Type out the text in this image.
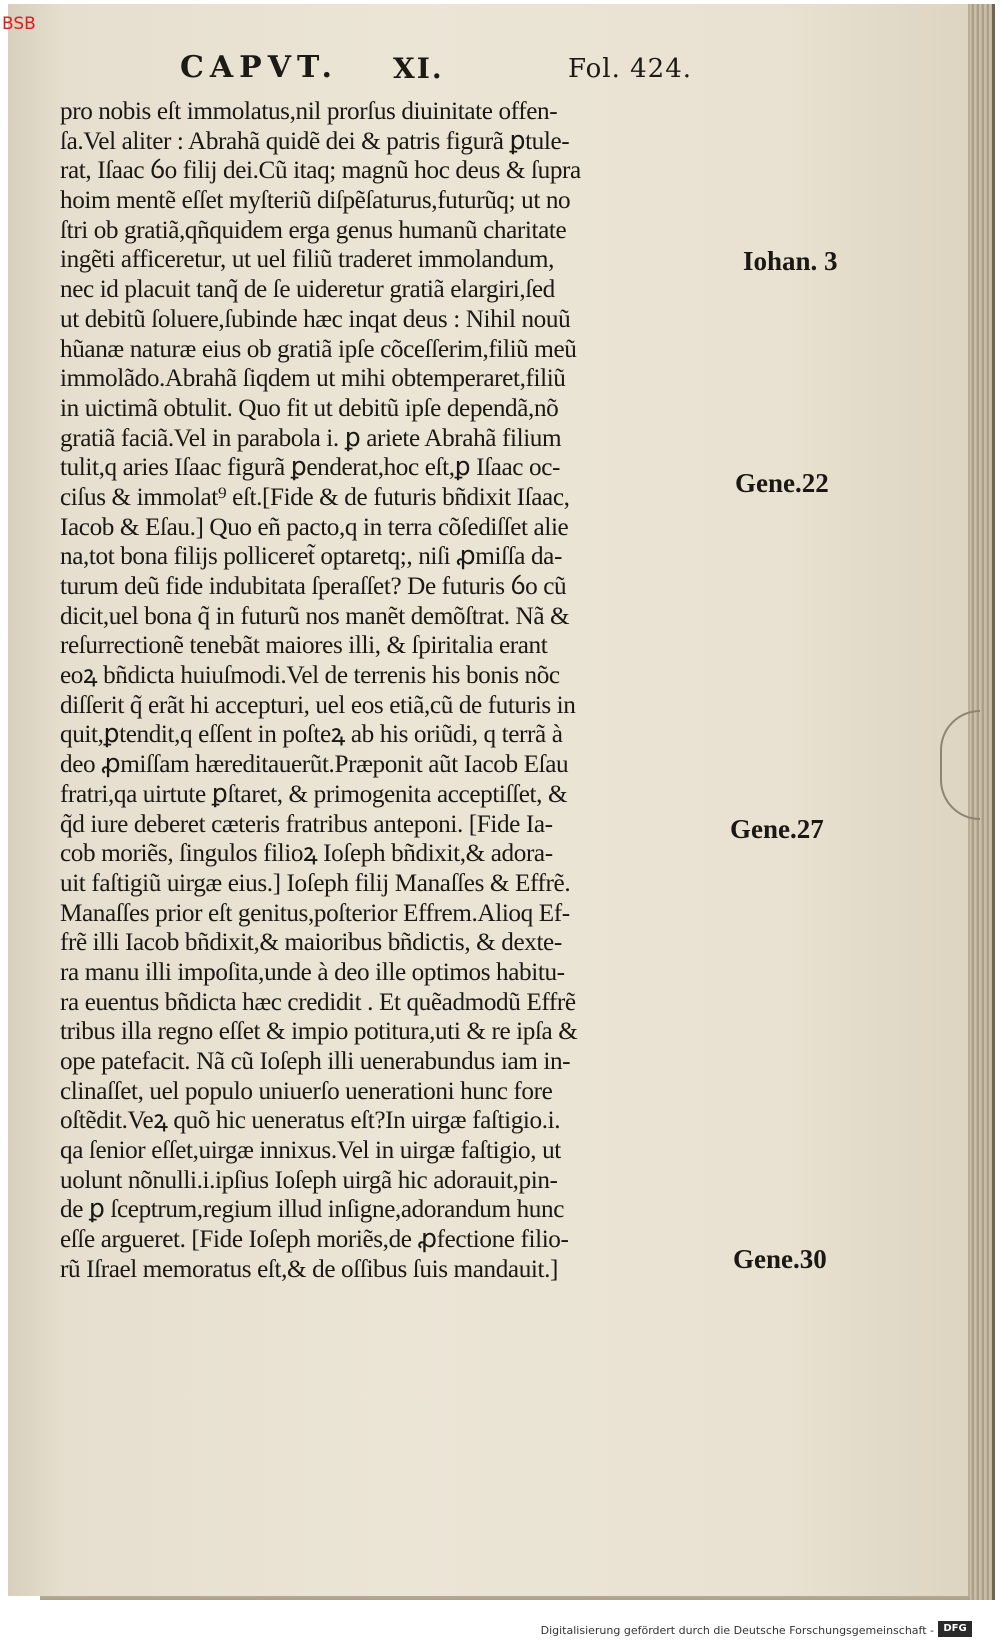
CAPVT. XI.	Fol. 424.
pro nobis eſt immolatus,nil prorſus diuinitate offen-
ſa.Vel aliter : Abrahã quidẽ dei & patris figurã ꝑtule-
rat, Iſaac ỽo filij dei.Cũ itaq; magnũ hoc deus & ſupra
hoim mentẽ eſſet myſteriũ diſpẽſaturus,futurũq; ut no
ſtri ob gratiã,qñquidem erga genus humanũ charitate
ingẽti afficeretur, ut uel filiũ traderet immolandum,
nec id placuit tanq̃ de ſe uideretur gratiã elargiri,ſed
ut debitũ ſoluere,ſubinde hæc inqat deus : Nihil nouũ
hũanæ naturæ eius ob gratiã ipſe cõceſſerim,filiũ meũ
immolãdo.Abrahã ſiqdem ut mihi obtemperaret,filiũ
in uictimã obtulit. Quo fit ut debitũ ipſe dependã,nõ
gratiã faciã.Vel in parabola i. ꝑ ariete Abrahã filium
tulit,q aries Iſaac figurã ꝑenderat,hoc eſt,ꝑ Iſaac oc-
ciſus & immolat⁹ eſt.[Fide & de futuris bñdixit Iſaac,
Iacob & Eſau.] Quo eñ pacto,q in terra cõſediſſet alie
na,tot bona filijs polliceret̃ optaretq;, niſi ꝓmiſſa da-
turum deũ fide indubitata ſperaſſet? De futuris ỽo cũ
dicit,uel bona q̃ in futurũ nos manẽt demõſtrat. Nã &
reſurrectionẽ tenebãt maiores illi, & ſpiritalia erant
eoꝝ bñdicta huiuſmodi.Vel de terrenis his bonis nõc
diſſerit q̃ erãt hi accepturi, uel eos etiã,cũ de futuris in
quit,ꝑtendit,q eſſent in poſteꝝ ab his oriũdi, q terrã à
deo ꝓmiſſam hæreditauerũt.Præponit aũt Iacob Eſau
fratri,qa uirtute ꝑſtaret, & primogenita acceptiſſet, &
q̃d iure deberet cæteris fratribus anteponi. [Fide Ia-
cob moriẽs, ſingulos filioꝝ Ioſeph bñdixit,& adora-
uit faſtigiũ uirgæ eius.] Ioſeph filij Manaſſes & Effrẽ.
Manaſſes prior eſt genitus,poſterior Effrem.Alioq Ef-
frẽ illi Iacob bñdixit,& maioribus bñdictis, & dexte-
ra manu illi impoſita,unde à deo ille optimos habitu-
ra euentus bñdicta hæc credidit . Et quẽadmodũ Effrẽ
tribus illa regno eſſet & impio potitura,uti & re ipſa &
ope patefacit. Nã cũ Ioſeph illi uenerabundus iam in-
clinaſſet, uel populo uniuerſo uenerationi hunc fore
oſtẽdit.Veꝝ quõ hic ueneratus eſt?In uirgæ faſtigio.i.
qa ſenior eſſet,uirgæ innixus.Vel in uirgæ faſtigio, ut
uolunt nõnulli.i.ipſius Ioſeph uirgã hic adorauit,pin-
de ꝑ ſceptrum,regium illud inſigne,adorandum hunc
eſſe argueret. [Fide Ioſeph moriẽs,de ꝓfectione filio-
rũ Iſrael memoratus eſt,& de oſſibus ſuis mandauit.]
Iohan. 3
Gene.22
Gene.27
Gene.30
BSB
Digitalisierung gefördert durch die Deutsche Forschungsgemeinschaft - DFG
